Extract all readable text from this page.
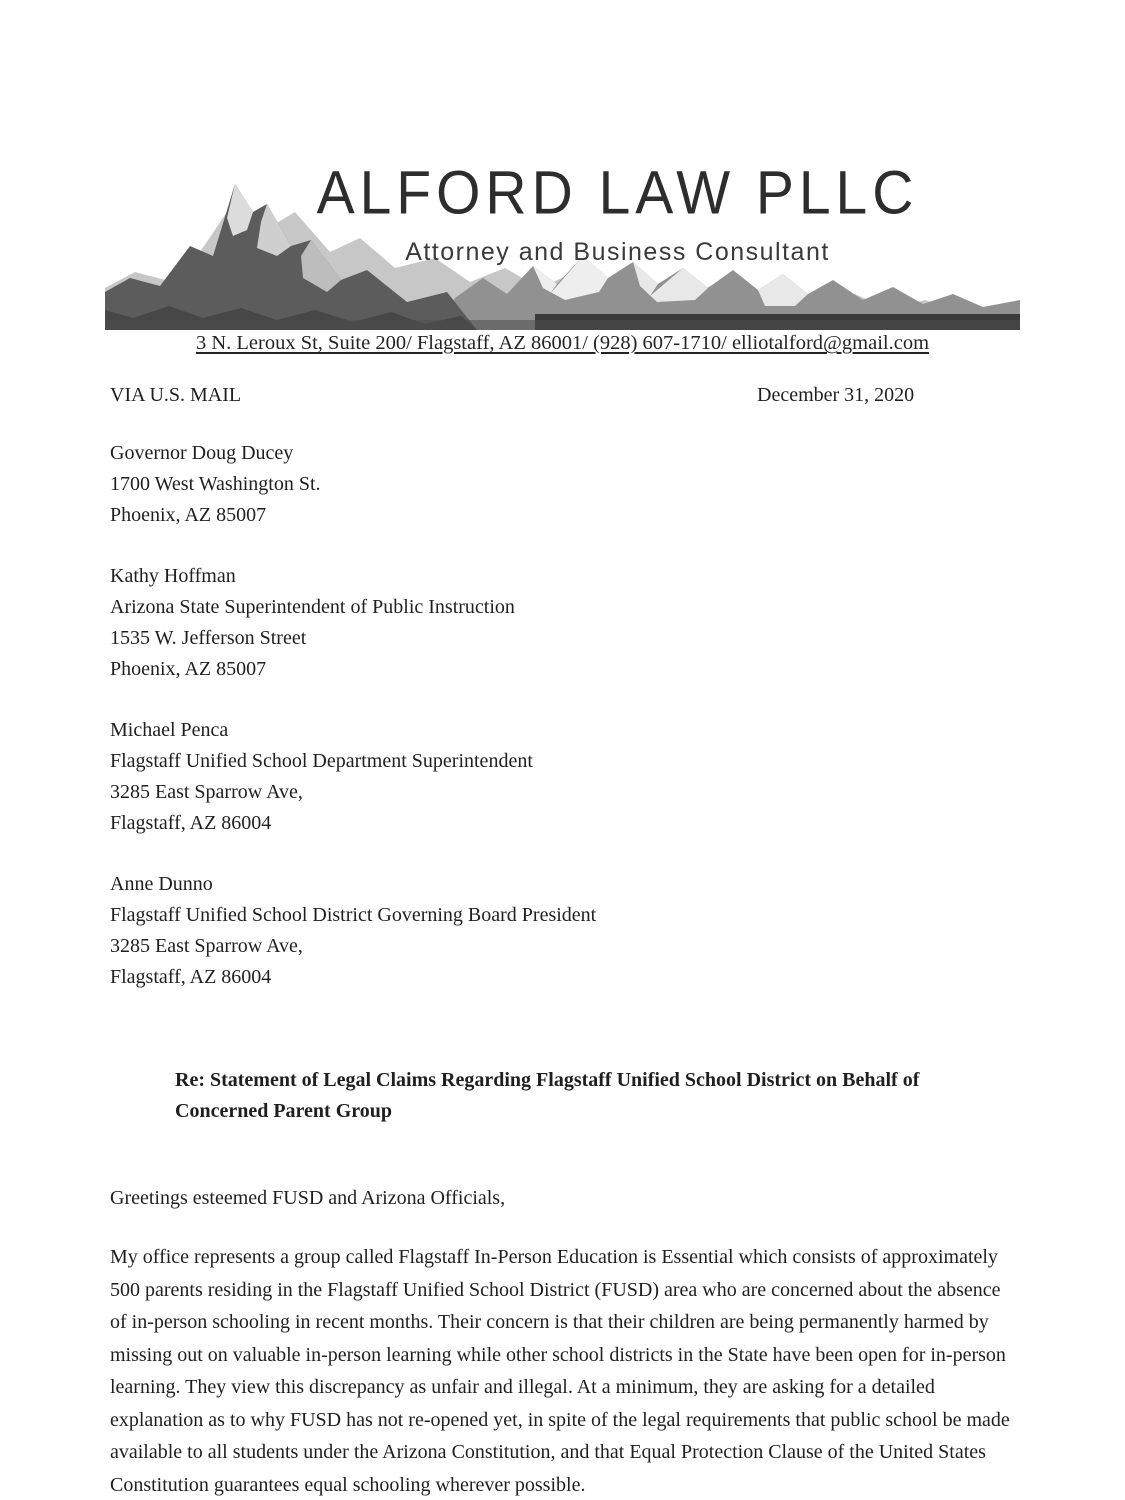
ALFORD LAW PLLC
Attorney and Business Consultant
3 N. Leroux St, Suite 200/ Flagstaff, AZ 86001/ (928) 607-1710/ elliotalford@gmail.com
VIA U.S. MAIL	December 31, 2020
Governor Doug Ducey
1700 West Washington St.
Phoenix, AZ 85007
Kathy Hoffman
Arizona State Superintendent of Public Instruction
1535 W. Jefferson Street
Phoenix, AZ 85007
Michael Penca
Flagstaff Unified School Department Superintendent
3285 East Sparrow Ave,
Flagstaff, AZ 86004
Anne Dunno
Flagstaff Unified School District Governing Board President
3285 East Sparrow Ave,
Flagstaff, AZ 86004
Re: Statement of Legal Claims Regarding Flagstaff Unified School District on Behalf of Concerned Parent Group
Greetings esteemed FUSD and Arizona Officials,
My office represents a group called Flagstaff In-Person Education is Essential which consists of approximately 500 parents residing in the Flagstaff Unified School District (FUSD) area who are concerned about the absence of in-person schooling in recent months. Their concern is that their children are being permanently harmed by missing out on valuable in-person learning while other school districts in the State have been open for in-person learning. They view this discrepancy as unfair and illegal. At a minimum, they are asking for a detailed explanation as to why FUSD has not re-opened yet, in spite of the legal requirements that public school be made available to all students under the Arizona Constitution, and that Equal Protection Clause of the United States Constitution guarantees equal schooling wherever possible.
